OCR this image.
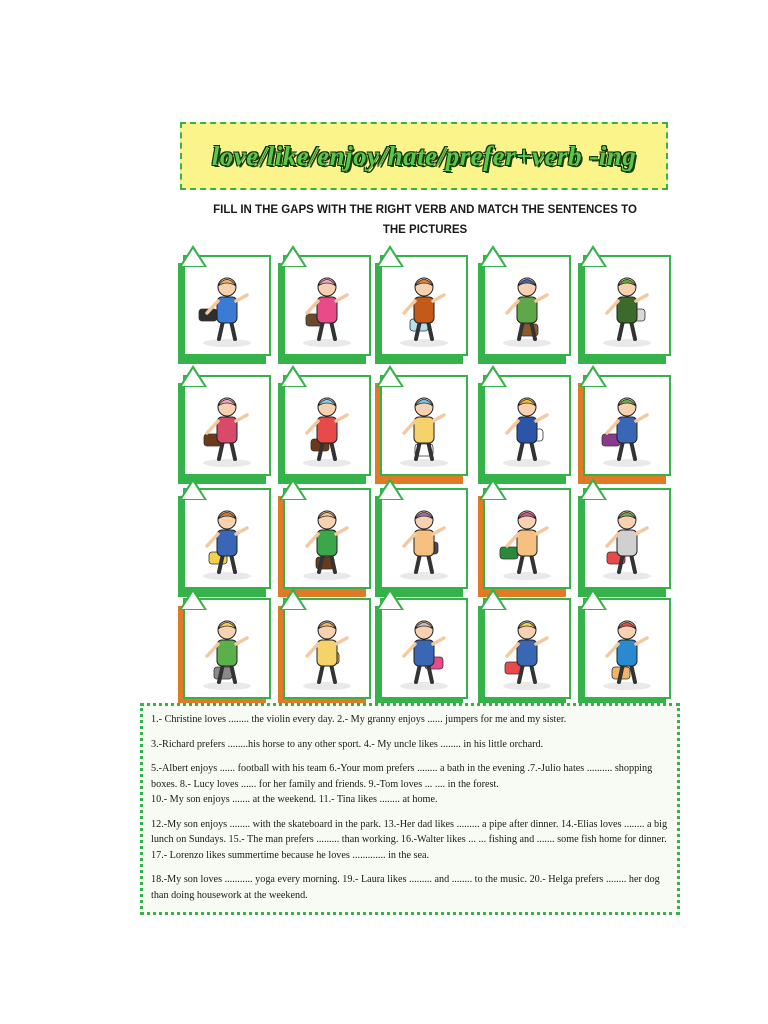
love/like/enjoy/hate/prefer+verb -ing
FILL IN THE GAPS WITH THE RIGHT VERB AND MATCH THE SENTENCES TO
THE PICTURES

1.- Christine loves ........ the violin every day. 2.- My granny enjoys ...... jumpers for me and my sister.

3.-Richard prefers ........his horse to any other sport. 4.- My uncle likes ........ in his little orchard.

5.-Albert enjoys ...... football with his team 6.-Your mom prefers ........ a bath in the evening .7.-Julio hates .......... shopping boxes. 8.- Lucy loves ...... for her family and friends. 9.-Tom loves ... .... in the forest.
10.- My son enjoys ....... at the weekend. 11.- Tina likes ........ at home.

12.-My son enjoys ........ with the skateboard in the park. 13.-Her dad likes ......... a pipe after dinner. 14.-Elias loves ........ a big lunch on Sundays. 15.- The man prefers ......... than working. 16.-Walter likes ... ... fishing and ....... some fish home for dinner. 17.- Lorenzo likes summertime because he loves ............. in the sea.

18.-My son loves ........... yoga every morning. 19.- Laura likes ......... and ........ to the music. 20.- Helga prefers ........ her dog than doing housework at the weekend.
